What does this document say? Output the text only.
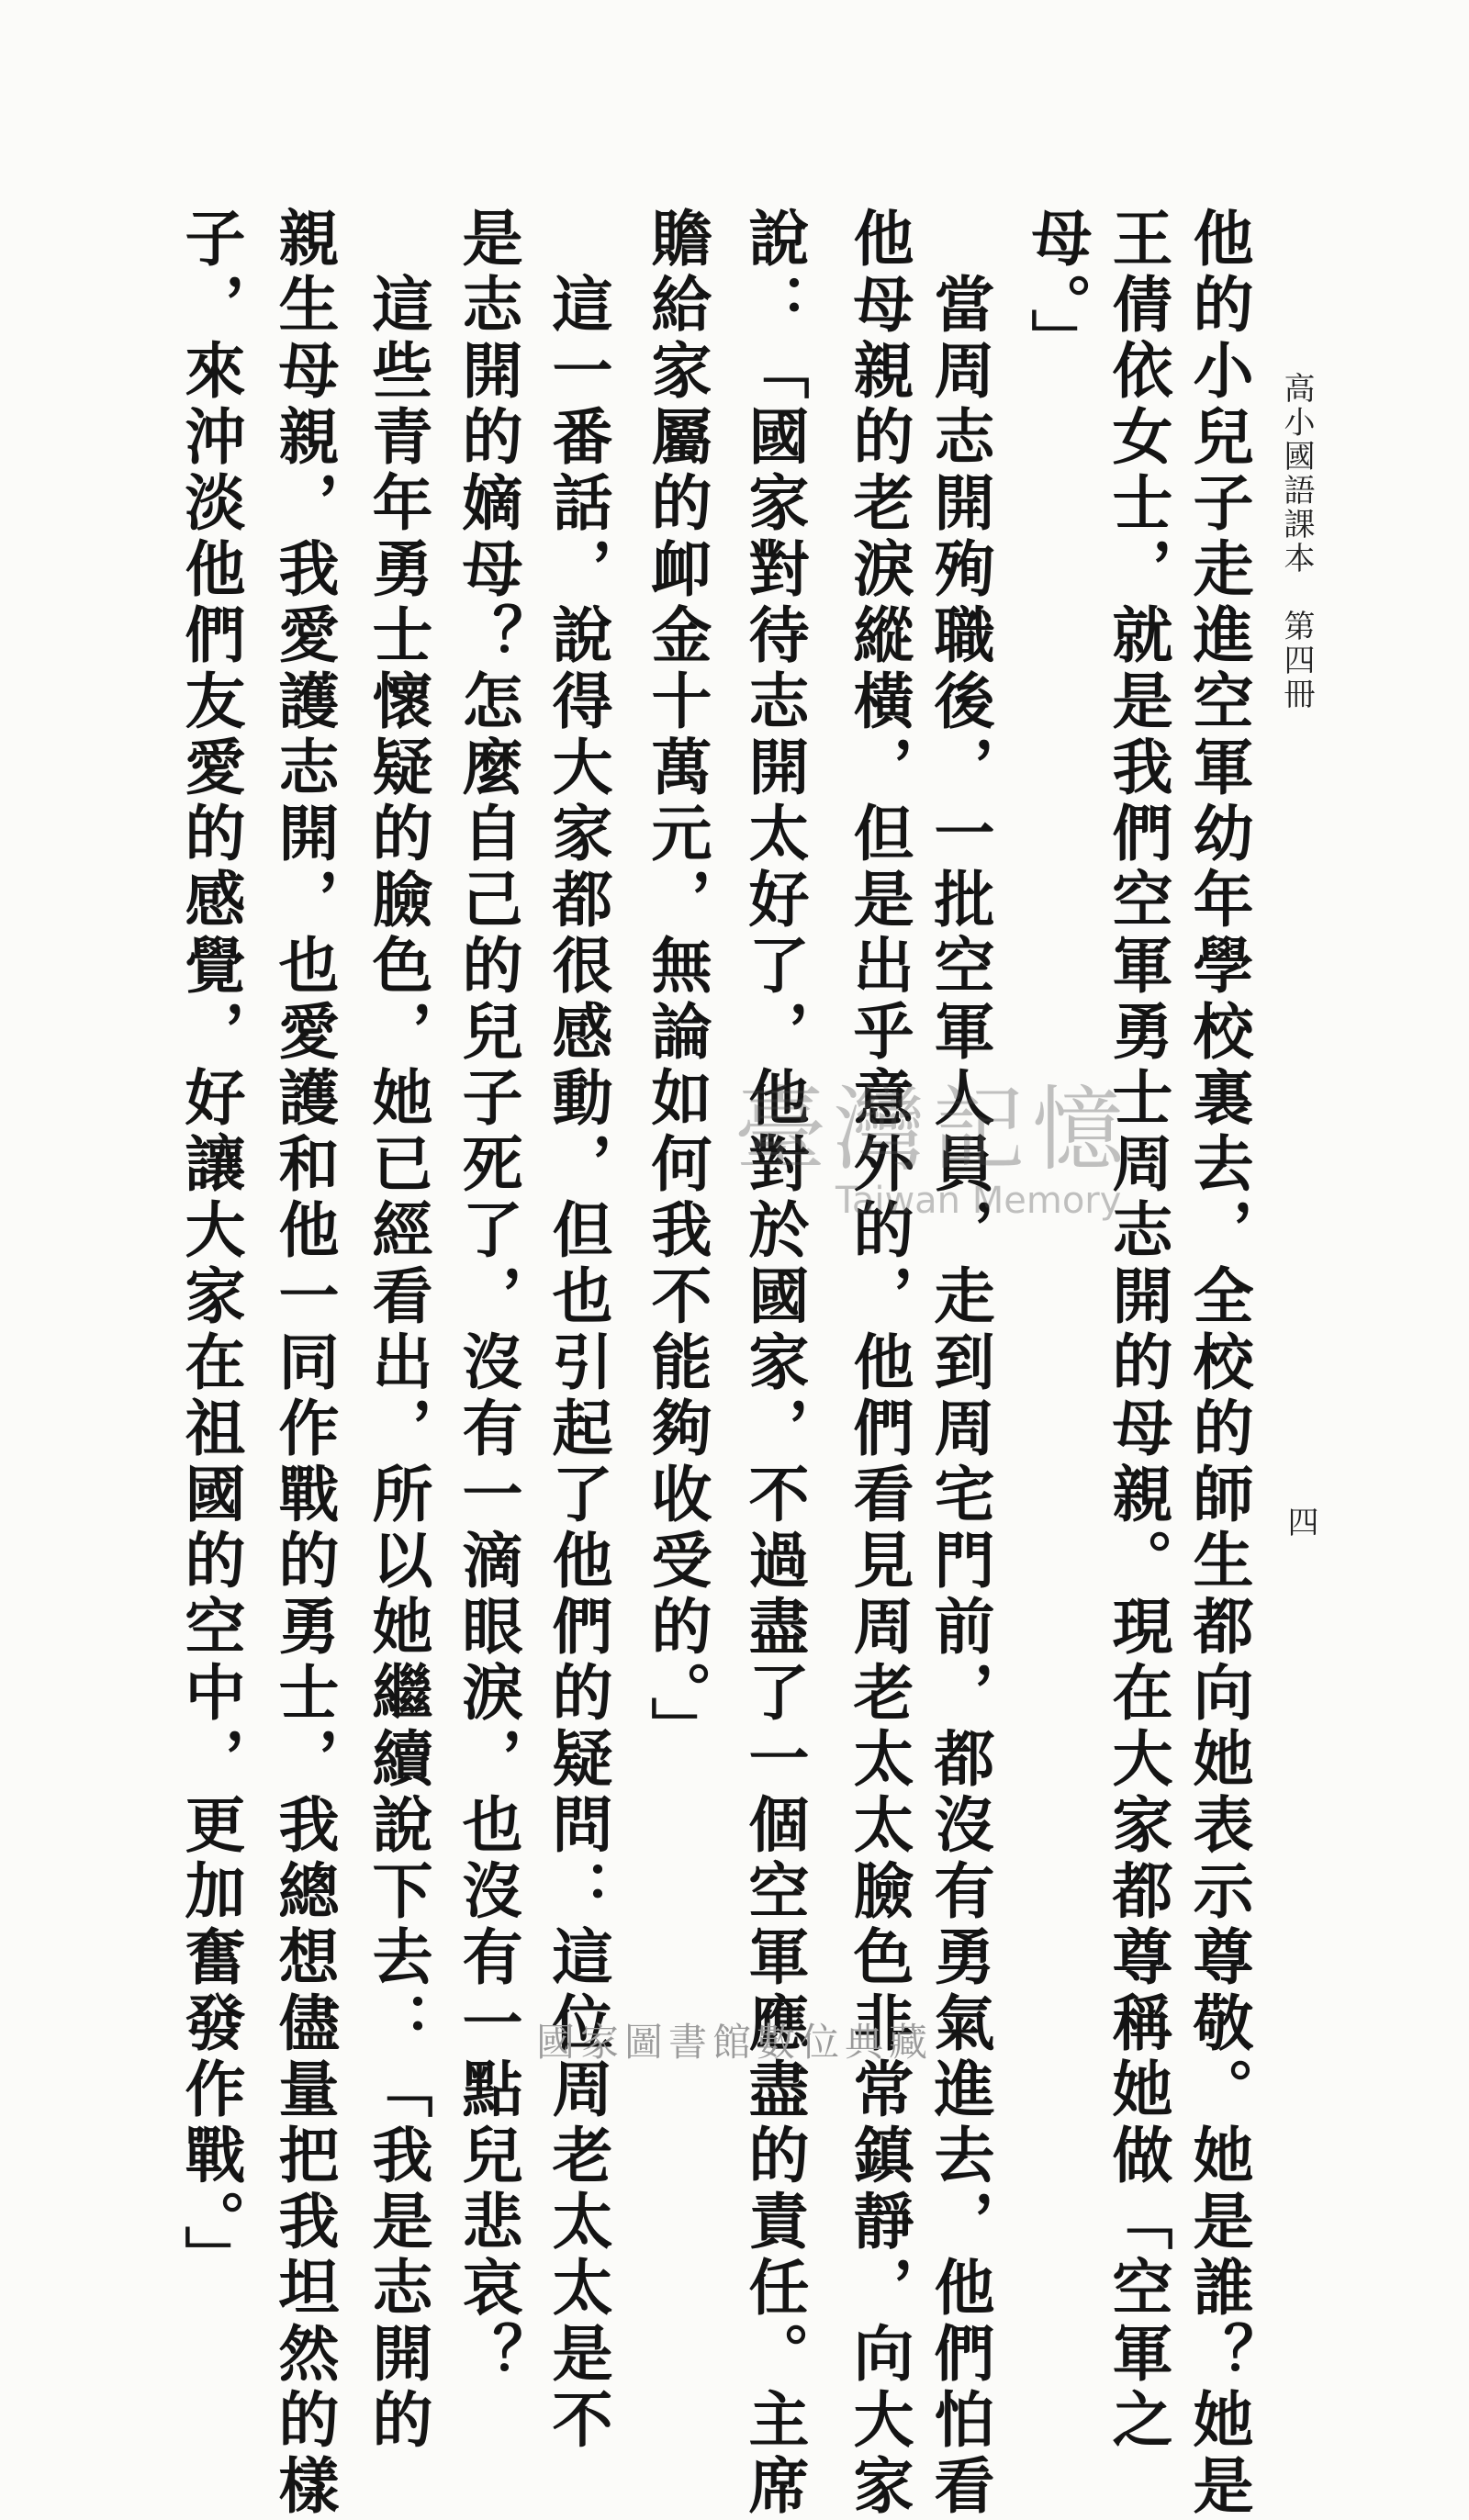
高小國語課本　第四冊
四
他的小兒子走進空軍幼年學校裏去，全校的師生都向她表示尊敬。她是誰？她是
王倩依女士，就是我們空軍勇士周志開的母親。現在大家都尊稱她做「空軍之
母。」
　當周志開殉職後，一批空軍人員，走到周宅門前，都沒有勇氣進去，他們怕看
他母親的老淚縱橫，但是出乎意外的，他們看見周老太太臉色非常鎮靜，向大家
說：「國家對待志開太好了，他對於國家，不過盡了一個空軍應盡的責任。主席
贍給家屬的卹金十萬元，無論如何我不能夠收受的。」
　這一番話，說得大家都很感動，但也引起了他們的疑問：這位周老太太是不
是志開的嫡母？怎麼自己的兒子死了，沒有一滴眼淚，也沒有一點兒悲哀？
　這些青年勇士懷疑的臉色，她已經看出，所以她繼續說下去：「我是志開的
親生母親，我愛護志開，也愛護和他一同作戰的勇士，我總想儘量把我坦然的樣
子，來沖淡他們友愛的感覺，好讓大家在祖國的空中，更加奮發作戰。」	臺灣記憶
Taiwan Memory
國家圖書館數位典藏
